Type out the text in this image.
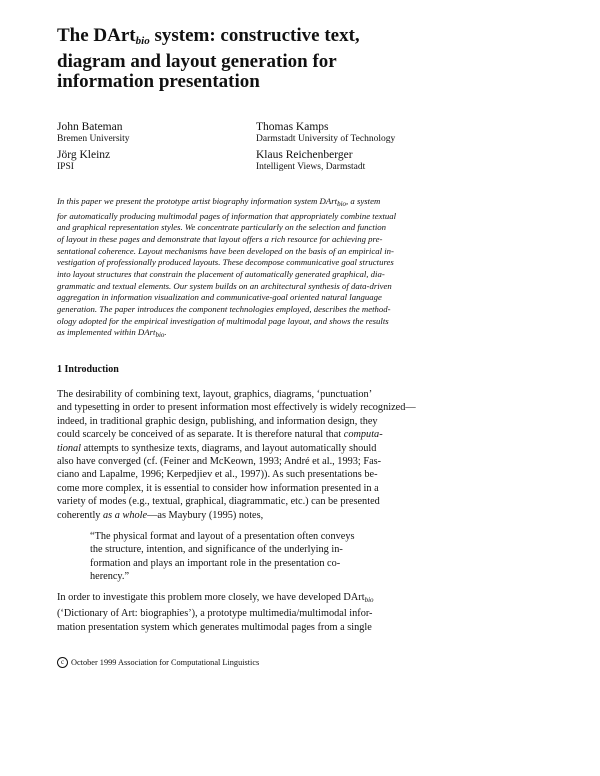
The DArt$_{bio}$ system: constructive text,
diagram and layout generation for
information presentation
John Bateman
Bremen University
Thomas Kamps
Darmstadt University of Technology
Jörg Kleinz
IPSI
Klaus Reichenberger
Intelligent Views, Darmstadt
In this paper we present the prototype artist biography information system DArt$_{bio}$, a system
for automatically producing multimodal pages of information that appropriately combine textual
and graphical representation styles. We concentrate particularly on the selection and function
of layout in these pages and demonstrate that layout offers a rich resource for achieving pre-
sentational coherence. Layout mechanisms have been developed on the basis of an empirical in-
vestigation of professionally produced layouts. These decompose communicative goal structures
into layout structures that constrain the placement of automatically generated graphical, dia-
grammatic and textual elements. Our system builds on an architectural synthesis of data-driven
aggregation in information visualization and communicative-goal oriented natural language
generation. The paper introduces the component technologies employed, describes the method-
ology adopted for the empirical investigation of multimodal page layout, and shows the results
as implemented within DArt$_{bio}$.
1 Introduction
The desirability of combining text, layout, graphics, diagrams, ‘punctuation’
and typesetting in order to present information most effectively is widely recognized—
indeed, in traditional graphic design, publishing, and information design, they
could scarcely be conceived of as separate. It is therefore natural that computa-
tional attempts to synthesize texts, diagrams, and layout automatically should
also have converged (cf. (Feiner and McKeown, 1993; André et al., 1993; Fas-
ciano and Lapalme, 1996; Kerpedjiev et al., 1997)). As such presentations be-
come more complex, it is essential to consider how information presented in a
variety of modes (e.g., textual, graphical, diagrammatic, etc.) can be presented
coherently as a whole—as Maybury (1995) notes,
“The physical format and layout of a presentation often conveys
the structure, intention, and significance of the underlying in-
formation and plays an important role in the presentation co-
herency.”
In order to investigate this problem more closely, we have developed DArt$_{bio}$
(‘Dictionary of Art: biographies’), a prototype multimedia/multimodal infor-
mation presentation system which generates multimodal pages from a single
c October 1999 Association for Computational Linguistics
